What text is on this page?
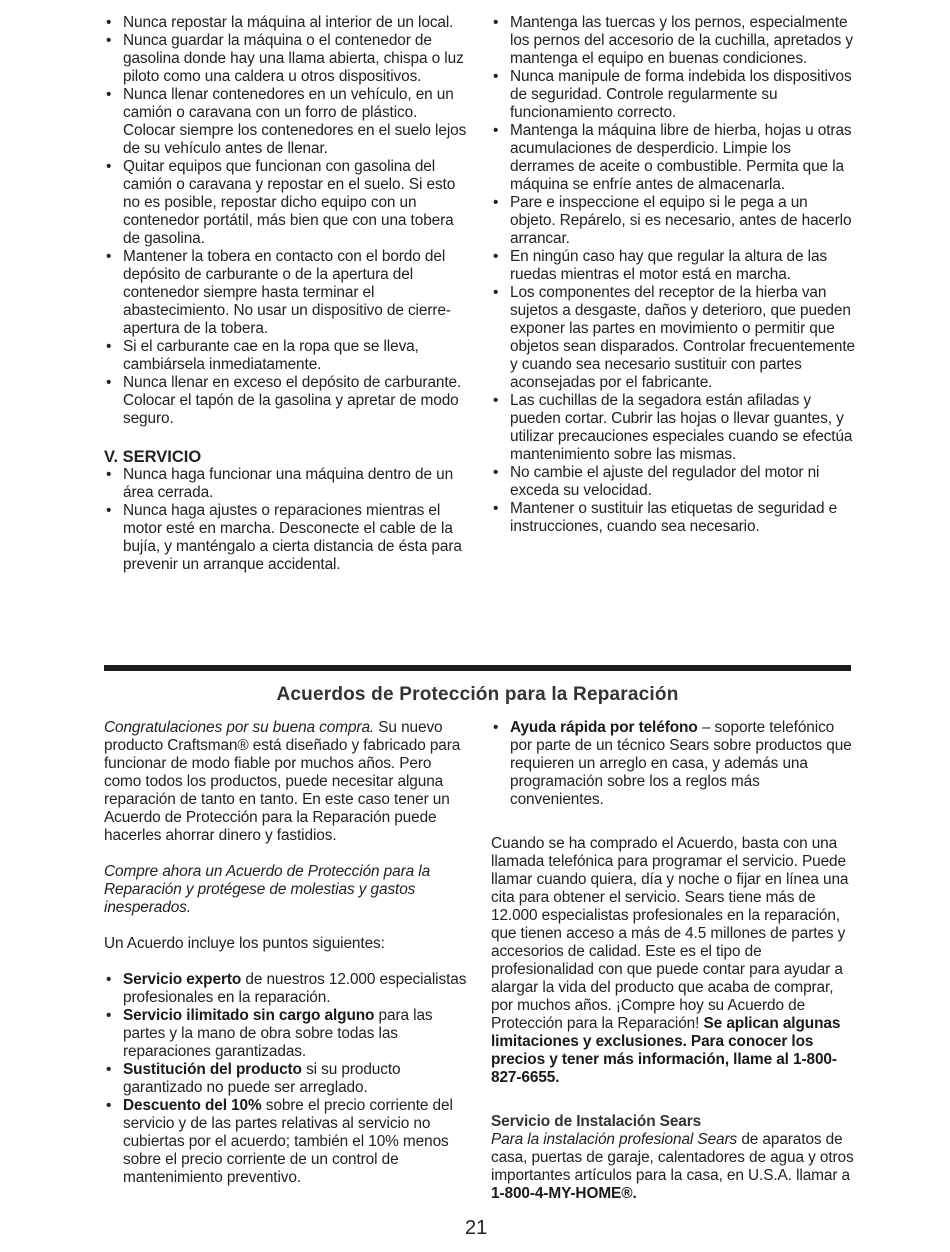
• Nunca repostar la máquina al interior de un local.
• Nunca guardar la máquina o el contenedor de gasolina donde hay una llama abierta, chispa o luz piloto como una caldera u otros dispositivos.
• Nunca llenar contenedores en un vehículo, en un camión o caravana con un forro de plástico. Colocar siempre los contenedores en el suelo lejos de su vehículo antes de llenar.
• Quitar equipos que funcionan con gasolina del camión o caravana y repostar en el suelo. Si esto no es posible, repostar dicho equipo con un contenedor portátil, más bien que con una tobera de gasolina.
• Mantener la tobera en contacto con el bordo del depósito de carburante o de la apertura del contenedor siempre hasta terminar el abastecimiento. No usar un dispositivo de cierre-apertura de la tobera.
• Si el carburante cae en la ropa que se lleva, cambiársela inmediatamente.
• Nunca llenar en exceso el depósito de carburante. Colocar el tapón de la gasolina y apretar de modo seguro.

V. SERVICIO

• Nunca haga funcionar una máquina dentro de un área cerrada.
• Nunca haga ajustes o reparaciones mientras el motor esté en marcha. Desconecte el cable de la bujía, y manténgalo a cierta distancia de ésta para prevenir un arranque accidental.
• Mantenga las tuercas y los pernos, especialmente los pernos del accesorio de la cuchilla, apretados y mantenga el equipo en buenas condiciones.
• Nunca manipule de forma indebida los dispositivos de seguridad. Controle regularmente su funcionamiento correcto.
• Mantenga la máquina libre de hierba, hojas u otras acumulaciones de desperdicio. Limpie los derrames de aceite o combustible. Permita que la máquina se enfríe antes de almacenarla.
• Pare e inspeccione el equipo si le pega a un objeto. Repárelo, si es necesario, antes de hacerlo arrancar.
• En ningún caso hay que regular la altura de las ruedas mientras el motor está en marcha.
• Los componentes del receptor de la hierba van sujetos a desgaste, daños y deterioro, que pueden exponer las partes en movimiento o permitir que objetos sean disparados. Controlar frecuentemente y cuando sea necesario sustituir con partes aconsejadas por el fabricante.
• Las cuchillas de la segadora están afiladas y pueden cortar. Cubrir las hojas o llevar guantes, y utilizar precauciones especiales cuando se efectúa mantenimiento sobre las mismas.
• No cambie el ajuste del regulador del motor ni exceda su velocidad.
• Mantener o sustituir las etiquetas de seguridad e instrucciones, cuando sea necesario.
Acuerdos de Protección para la Reparación

Congratulaciones por su buena compra. Su nuevo producto Craftsman® está diseñado y fabricado para funcionar de modo fiable por muchos años. Pero como todos los productos, puede necesitar alguna reparación de tanto en tanto. En este caso tener un Acuerdo de Protección para la Reparación puede hacerles ahorrar dinero y fastidios.

Compre ahora un Acuerdo de Protección para la Reparación y protégese de molestias y gastos inesperados.

Un Acuerdo incluye los puntos siguientes:

• Servicio experto de nuestros 12.000 especialistas profesionales en la reparación.
• Servicio ilimitado sin cargo alguno para las partes y la mano de obra sobre todas las reparaciones garantizadas.
• Sustitución del producto si su producto garantizado no puede ser arreglado.
• Descuento del 10% sobre el precio corriente del servicio y de las partes relativas al servicio no cubiertas por el acuerdo; también el 10% menos sobre el precio corriente de un control de mantenimiento preventivo.
• Ayuda rápida por teléfono – soporte telefónico por parte de un técnico Sears sobre productos que requieren un arreglo en casa, y además una programación sobre los a reglos más convenientes.

Cuando se ha comprado el Acuerdo, basta con una llamada telefónica para programar el servicio. Puede llamar cuando quiera, día y noche o fijar en línea una cita para obtener el servicio. Sears tiene más de 12.000 especialistas profesionales en la reparación, que tienen acceso a más de 4.5 millones de partes y accesorios de calidad. Este es el tipo de profesionalidad con que puede contar para ayudar a alargar la vida del producto que acaba de comprar, por muchos años. ¡Compre hoy su Acuerdo de Protección para la Reparación! Se aplican algunas limitaciones y exclusiones. Para conocer los precios y tener más información, llame al 1-800-827-6655.

Servicio de Instalación Sears

Para la instalación profesional Sears de aparatos de casa, puertas de garaje, calentadores de agua y otros importantes artículos para la casa, en U.S.A. llamar a 1-800-4-MY-HOME®.

21
